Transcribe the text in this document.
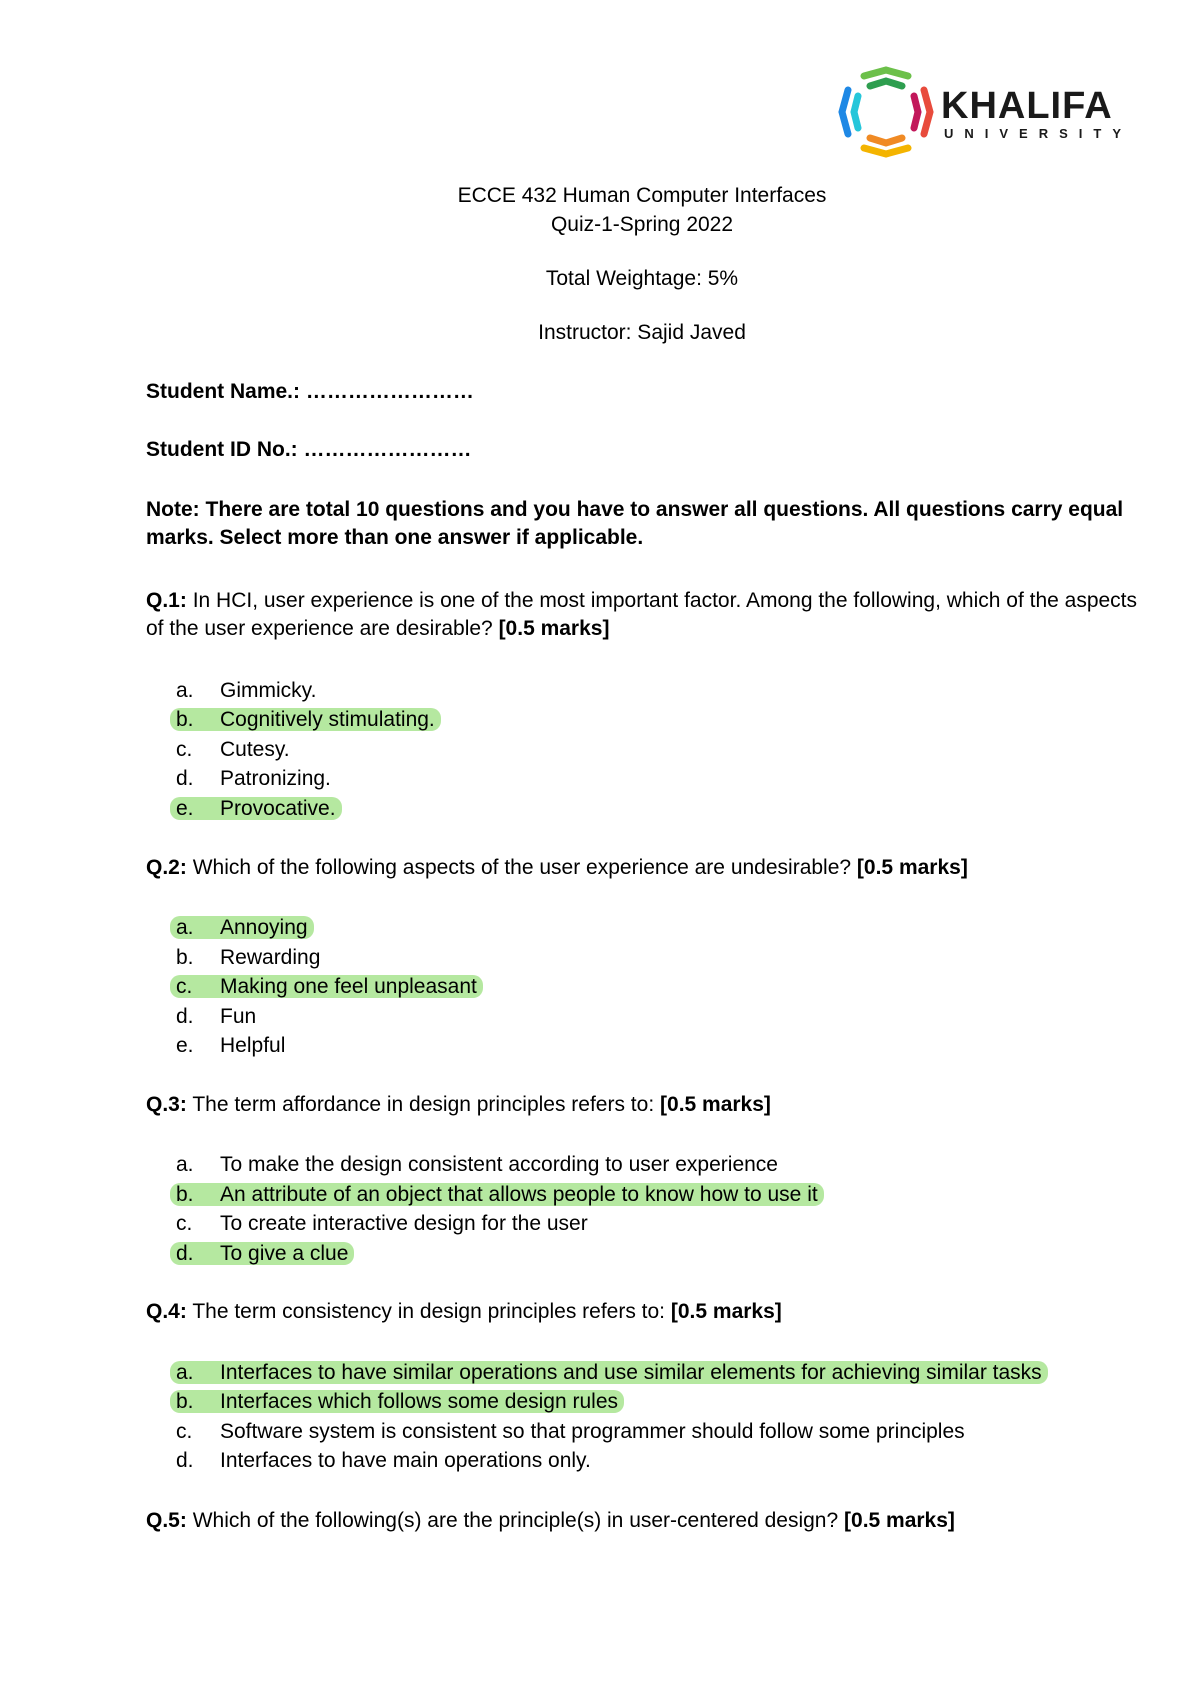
KHALIFA
UNIVERSITY
ECCE 432 Human Computer Interfaces
Quiz-1-Spring 2022
Total Weightage: 5%
Instructor: Sajid Javed
Student Name.: ……………………
Student ID No.: ……………………
Note: There are total 10 questions and you have to answer all questions. All questions carry equal marks. Select more than one answer if applicable.
Q.1: In HCI, user experience is one of the most important factor. Among the following, which of the aspects of the user experience are desirable? [0.5 marks]
a. Gimmicky.
b. Cognitively stimulating.
c. Cutesy.
d. Patronizing.
e. Provocative.
Q.2: Which of the following aspects of the user experience are undesirable? [0.5 marks]
a. Annoying
b. Rewarding
c. Making one feel unpleasant
d. Fun
e. Helpful
Q.3: The term affordance in design principles refers to: [0.5 marks]
a. To make the design consistent according to user experience
b. An attribute of an object that allows people to know how to use it
c. To create interactive design for the user
d. To give a clue
Q.4: The term consistency in design principles refers to: [0.5 marks]
a. Interfaces to have similar operations and use similar elements for achieving similar tasks
b. Interfaces which follows some design rules
c. Software system is consistent so that programmer should follow some principles
d. Interfaces to have main operations only.
Q.5: Which of the following(s) are the principle(s) in user-centered design? [0.5 marks]
